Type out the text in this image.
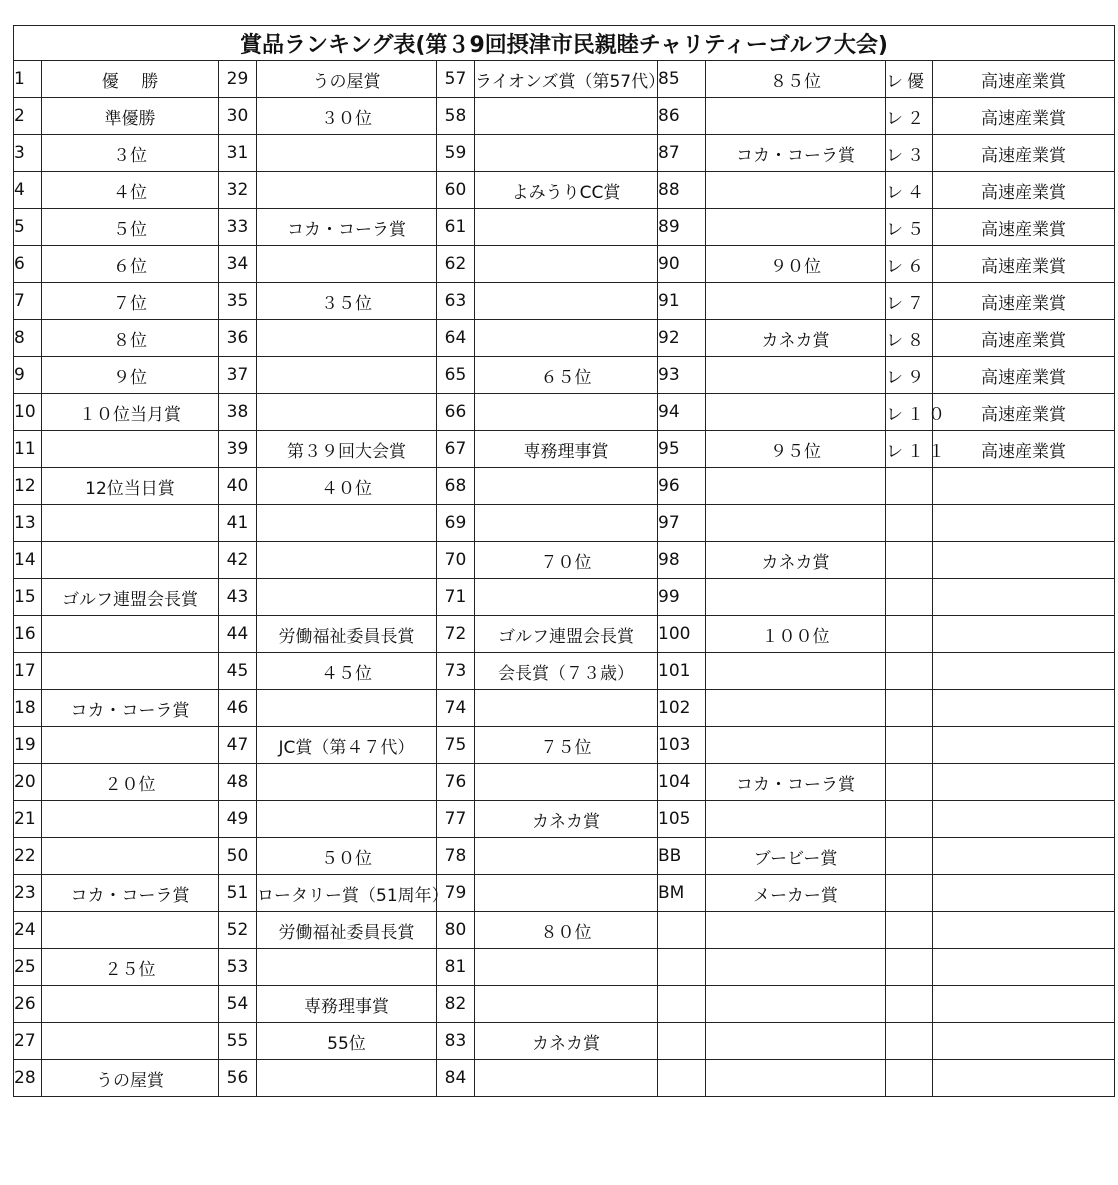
賞品ランキング表(第３9回摂津市民親睦チャリティーゴルフ大会)									
1	優　 勝	29	うの屋賞	57	ライオンズ賞（第57代）	85	８５位	レ優	高速産業賞
2	準優勝	30	３０位	58		86		レ２	高速産業賞
3	３位	31		59		87	コカ・コーラ賞	レ３	高速産業賞
4	４位	32		60	よみうりCC賞	88		レ４	高速産業賞
5	５位	33	コカ・コーラ賞	61		89		レ５	高速産業賞
6	６位	34		62		90	９０位	レ６	高速産業賞
7	７位	35	３５位	63		91		レ７	高速産業賞
8	８位	36		64		92	カネカ賞	レ８	高速産業賞
9	９位	37		65	６５位	93		レ９	高速産業賞
10	１０位当月賞	38		66		94		レ１０	高速産業賞
11		39	第３９回大会賞	67	専務理事賞	95	９５位	レ１１	高速産業賞
12	12位当日賞	40	４０位	68		96			
13		41		69		97			
14		42		70	７０位	98	カネカ賞		
15	ゴルフ連盟会長賞	43		71		99			
16		44	労働福祉委員長賞	72	ゴルフ連盟会長賞	100	１００位		
17		45	４５位	73	会長賞（７３歳）	101			
18	コカ・コーラ賞	46		74		102			
19		47	JC賞（第４７代）	75	７５位	103			
20	２０位	48		76		104	コカ・コーラ賞		
21		49		77	カネカ賞	105			
22		50	５０位	78		BB	ブービー賞		
23	コカ・コーラ賞	51	ロータリー賞（51周年）	79		BM	メーカー賞		
24		52	労働福祉委員長賞	80	８０位				
25	２５位	53		81					
26		54	専務理事賞	82					
27		55	55位	83	カネカ賞				
28	うの屋賞	56		84					
